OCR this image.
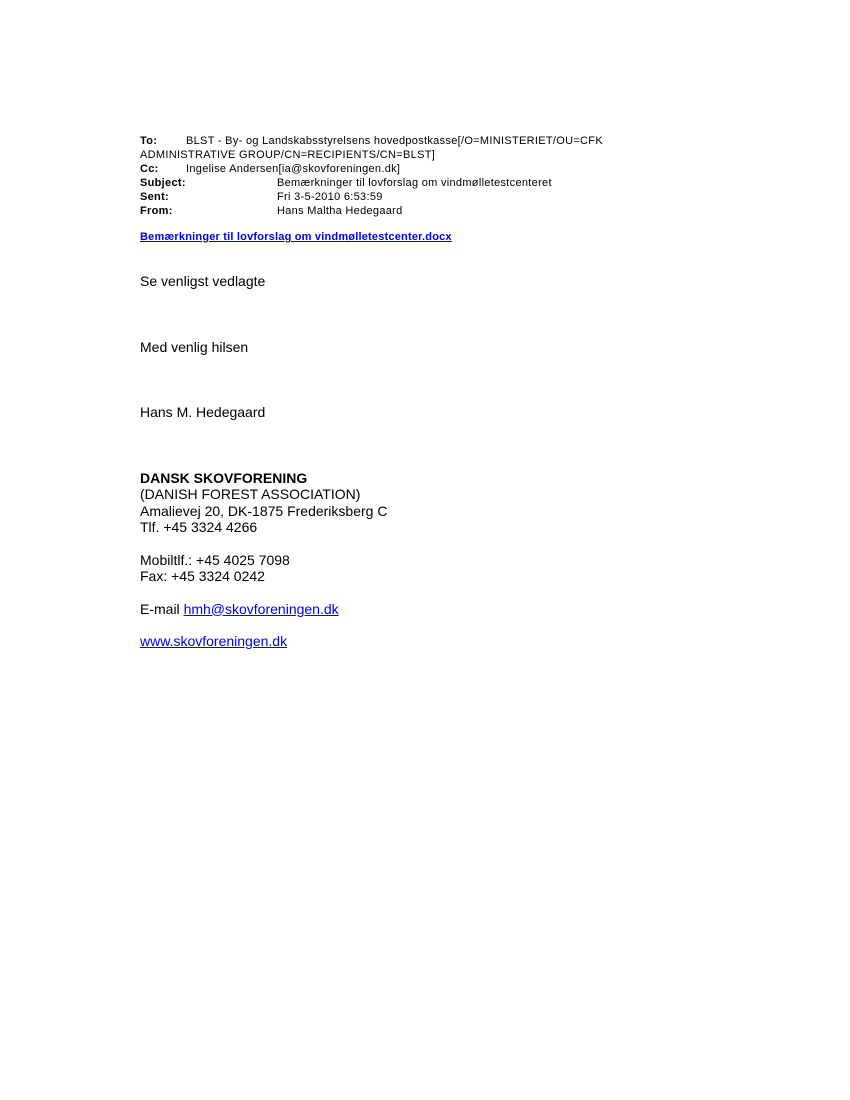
To:	BLST - By- og Landskabsstyrelsens hovedpostkasse[/O=MINISTERIET/OU=CFK
ADMINISTRATIVE GROUP/CN=RECIPIENTS/CN=BLST]
Cc: Ingelise Andersen[ia@skovforeningen.dk]
Subject:	Bemærkninger til lovforslag om vindmølletestcenteret
Sent:	Fri 3-5-2010 6:53:59
From:	Hans Maltha Hedegaard
Bemærkninger til lovforslag om vindmølletestcenter.docx
Se venligst vedlagte
Med venlig hilsen
Hans M. Hedegaard
DANSK SKOVFORENING
(DANISH FOREST ASSOCIATION)
Amalievej 20, DK-1875 Frederiksberg C
Tlf. +45 3324 4266
Mobiltlf.: +45 4025 7098
Fax: +45 3324 0242
E-mail hmh@skovforeningen.dk
www.skovforeningen.dk
